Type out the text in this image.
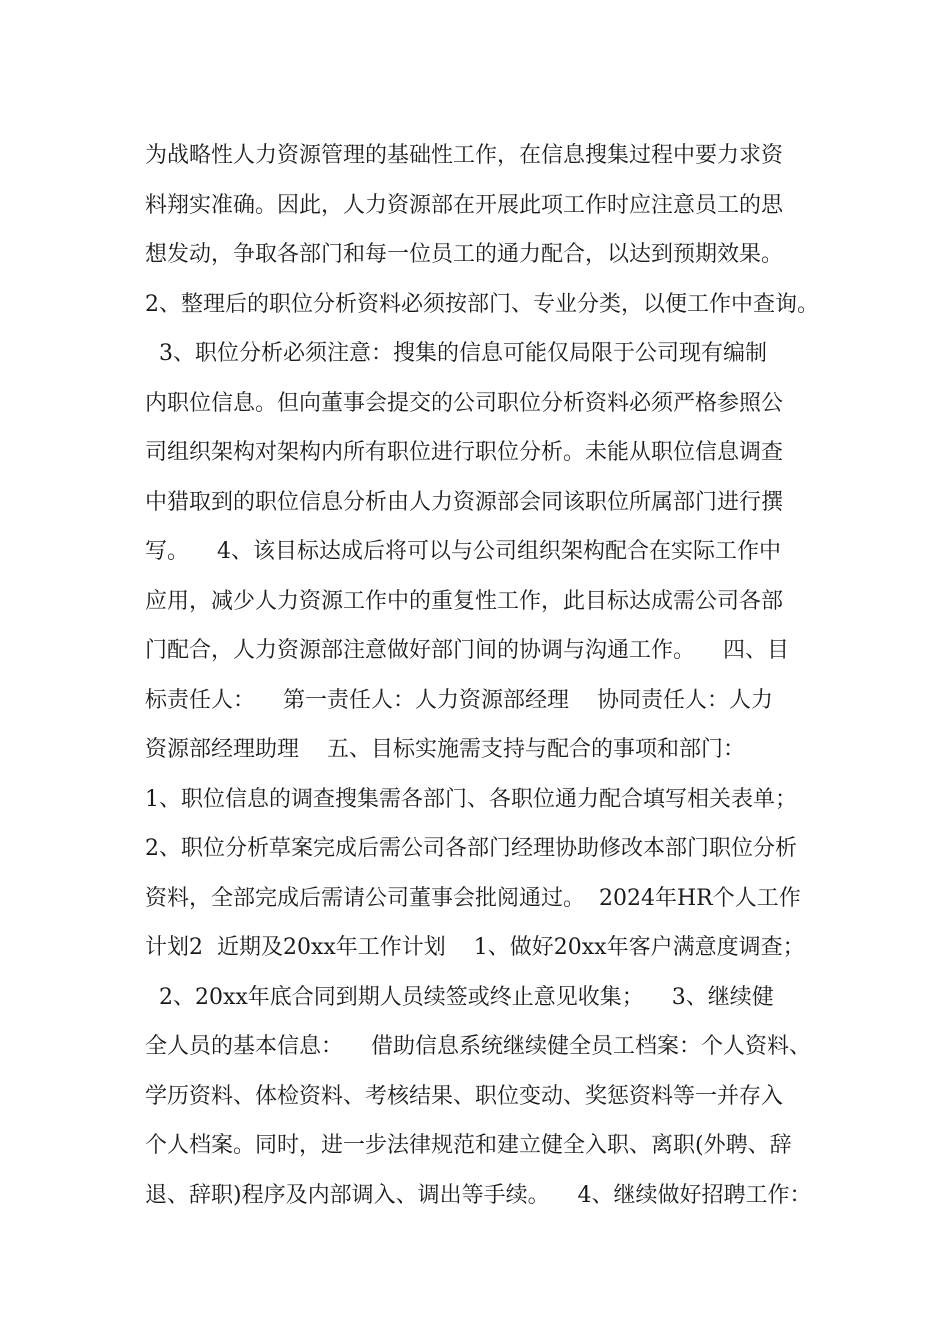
为战略性人力资源管理的基础性工作，在信息搜集过程中要力求资
料翔实准确。因此，人力资源部在开展此项工作时应注意员工的思
想发动，争取各部门和每一位员工的通力配合，以达到预期效果。
2、整理后的职位分析资料必须按部门、专业分类，以便工作中查询。
3、职位分析必须注意：搜集的信息可能仅局限于公司现有编制
内职位信息。但向董事会提交的公司职位分析资料必须严格参照公
司组织架构对架构内所有职位进行职位分析。未能从职位信息调查
中猎取到的职位信息分析由人力资源部会同该职位所属部门进行撰
写。    4、该目标达成后将可以与公司组织架构配合在实际工作中
应用，减少人力资源工作中的重复性工作，此目标达成需公司各部
门配合，人力资源部注意做好部门间的协调与沟通工作。    四、目
标责任人：    第一责任人：人力资源部经理    协同责任人：人力
资源部经理助理    五、目标实施需支持与配合的事项和部门：
1、职位信息的调查搜集需各部门、各职位通力配合填写相关表单；
2、职位分析草案完成后需公司各部门经理协助修改本部门职位分析
资料，全部完成后需请公司董事会批阅通过。  2024年HR个人工作
计划2  近期及20xx年工作计划    1、做好20xx年客户满意度调查；
2、20xx年底合同到期人员续签或终止意见收集；    3、继续健
全人员的基本信息：    借助信息系统继续健全员工档案：个人资料、
学历资料、体检资料、考核结果、职位变动、奖惩资料等一并存入
个人档案。同时，进一步法律规范和建立健全入职、离职(外聘、辞
退、辞职)程序及内部调入、调出等手续。    4、继续做好招聘工作：
